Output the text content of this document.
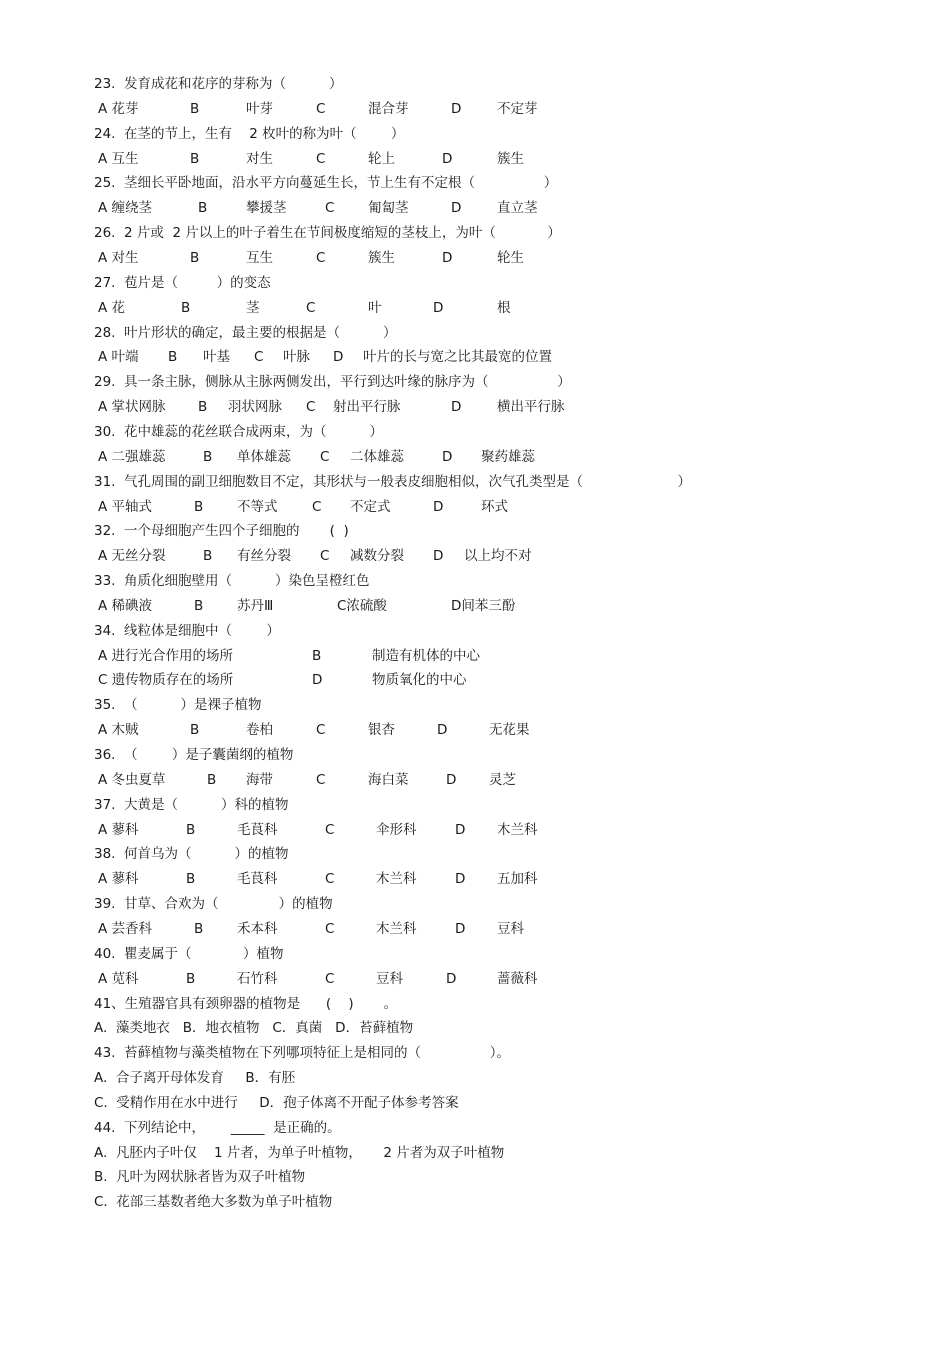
23.  发育成花和花序的芽称为（          ）
A 花芽	B	叶芽	C	混合芽	D	不定芽
24.  在茎的节上，生有    2 枚叶的称为叶（        ）
A 互生	B	对生	C	轮上	D	簇生
25.  茎细长平卧地面，沿水平方向蔓延生长，节上生有不定根（                ）
A 缠绕茎	B	攀援茎	C 匍匐茎	D	直立茎
26.  2 片或  2 片以上的叶子着生在节间极度缩短的茎枝上，为叶（            ）
A 对生	B	互生	C	簇生	D	轮生
27.  苞片是（         ）的变态
A 花	B	茎	C	叶	D	根
28.  叶片形状的确定，最主要的根据是（          ）
A 叶端 B 叶基 C 叶脉 D 叶片的长与宽之比其最宽的位置
29.  具一条主脉，侧脉从主脉两侧发出，平行到达叶缘的脉序为（                ）
A 掌状网脉 B 羽状网脉 C 射出平行脉	D	横出平行脉
30.  花中雄蕊的花丝联合成两束，为（          ）
A 二强雄蕊	B 单体雄蕊 C 二体雄蕊	D 聚药雄蕊
31.  气孔周围的副卫细胞数目不定，其形状与一般表皮细胞相似，次气孔类型是（                      ）
A 平轴式	B 不等式	C 不定式	D	环式
32.  一个母细胞产生四个子细胞的       (  )
A 无丝分裂	B 有丝分裂 C 减数分裂 D 以上均不对
33.  角质化细胞壁用（          ）染色呈橙红色
A 稀碘液	B 苏丹Ⅲ	C浓硫酸	D间苯三酚
34.  线粒体是细胞中（        ）
A 进行光合作用的场所	B	制造有机体的中心
C 遗传物质存在的场所	D	物质氧化的中心
35.  （          ）是裸子植物
A 木贼	B	卷柏	C	银杏	D	无花果
36.  （        ）是子囊菌纲的植物
A 冬虫夏草	B 海带	C	海白菜	D 灵芝
37.  大黄是（          ）科的植物
A 蓼科	B	毛茛科	C	伞形科	D 木兰科
38.  何首乌为（          ）的植物
A 蓼科	B	毛茛科	C	木兰科	D 五加科
39.  甘草、合欢为（              ）的植物
A 芸香科	B 禾本科	C	木兰科	D 豆科
40.  瞿麦属于（            ）植物
A 苋科	B	石竹科	C	豆科	D	蔷薇科
41、生殖器官具有颈卵器的植物是      (    )       。
A.  藻类地衣   B．地衣植物   C．真菌   D．苔藓植物
43.  苔藓植物与藻类植物在下列哪项特征上是相同的（                ）。
A.  合子离开母体发育     B．有胚
C.  受精作用在水中进行     D．孢子体离不开配子体参考答案
44.  下列结论中，      _____  是正确的。
A.  凡胚内子叶仅    1 片者，为单子叶植物，     2 片者为双子叶植物
B.  凡叶为网状脉者皆为双子叶植物
C.  花部三基数者绝大多数为单子叶植物
